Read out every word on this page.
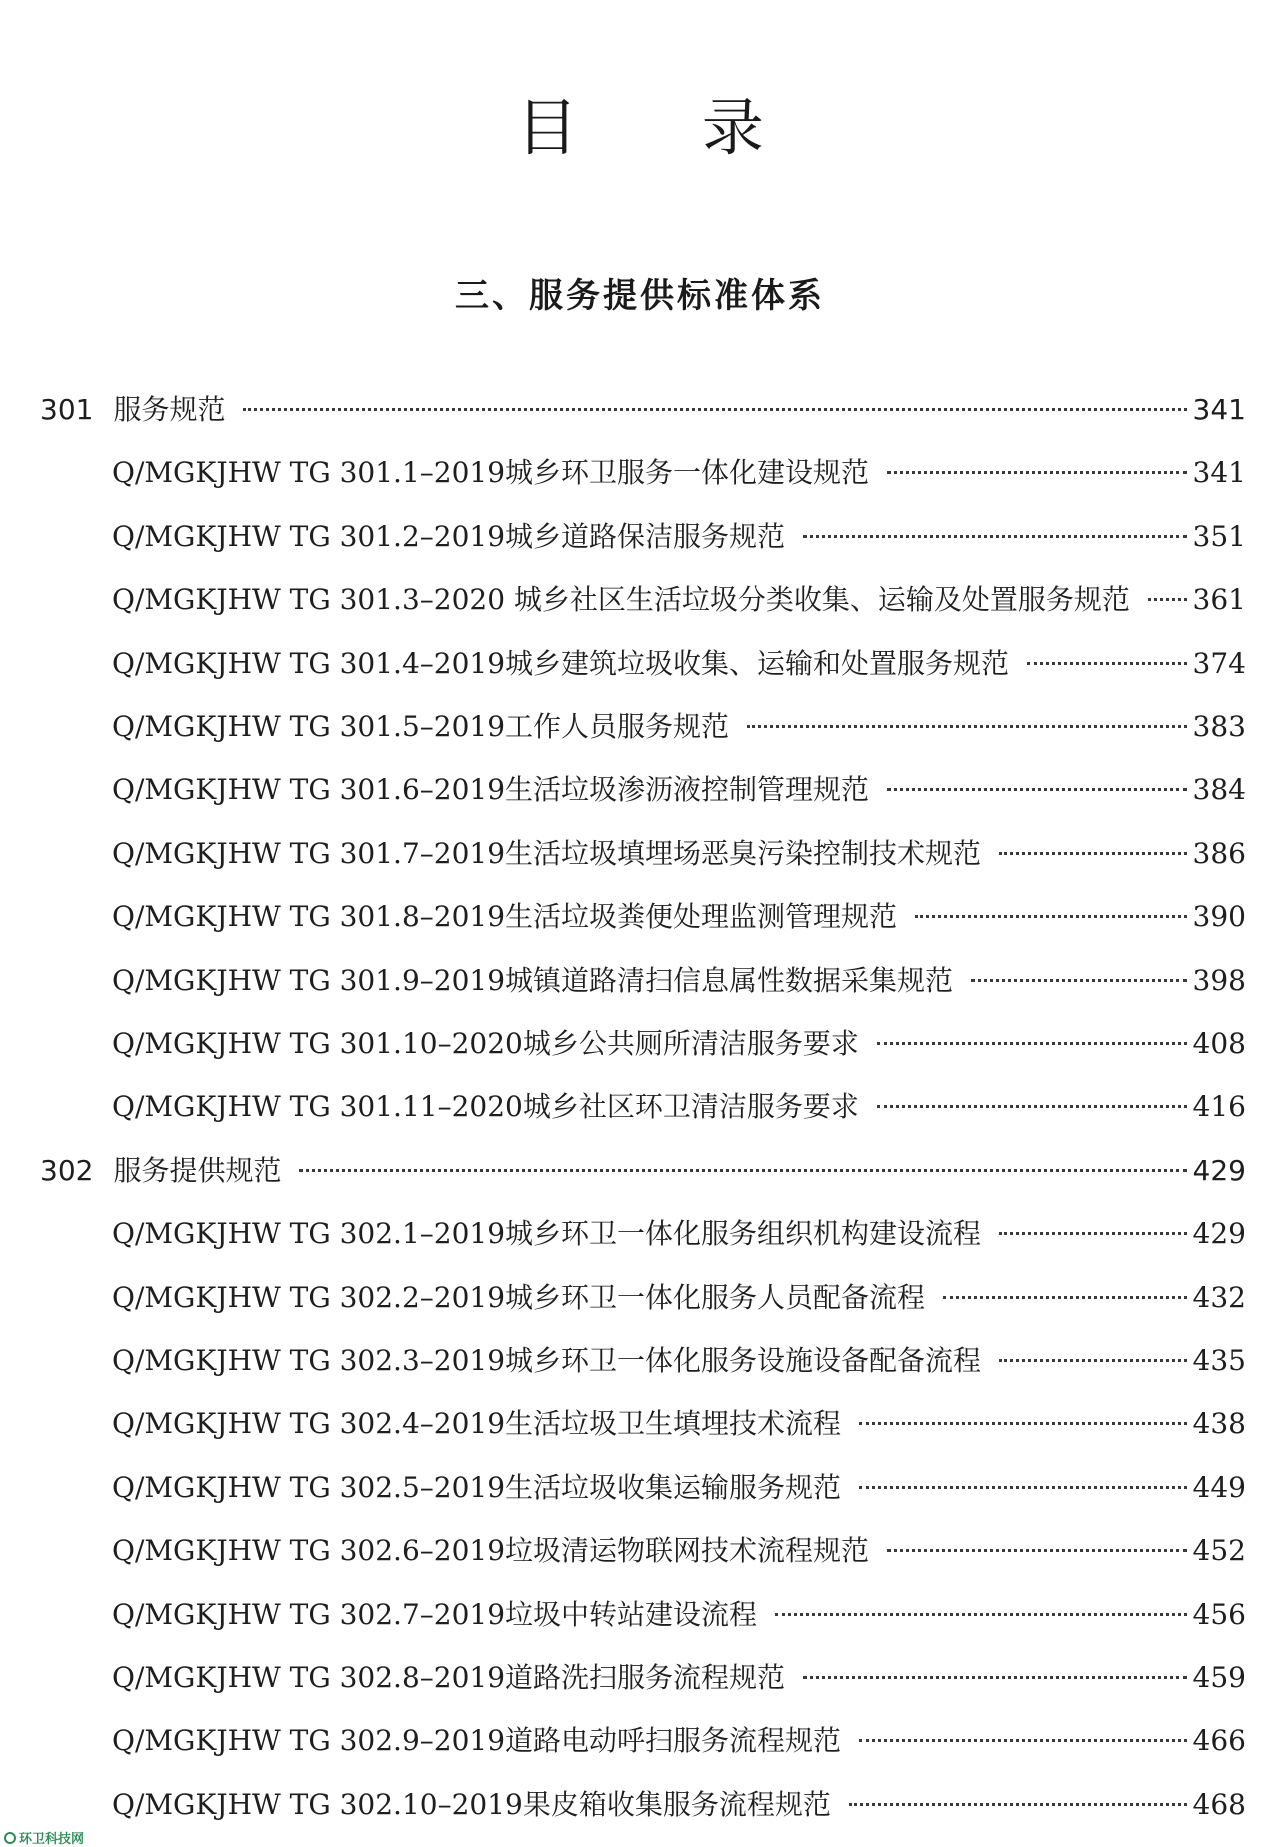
目 录
三、服务提供标准体系
301 服务规范	341
Q/MGKJHW TG 301.1–2019城乡环卫服务一体化建设规范	341
Q/MGKJHW TG 301.2–2019城乡道路保洁服务规范	351
Q/MGKJHW TG 301.3–2020 城乡社区生活垃圾分类收集、运输及处置服务规范 361
Q/MGKJHW TG 301.4–2019城乡建筑垃圾收集、运输和处置服务规范	374
Q/MGKJHW TG 301.5–2019工作人员服务规范	383
Q/MGKJHW TG 301.6–2019生活垃圾渗沥液控制管理规范	384
Q/MGKJHW TG 301.7–2019生活垃圾填埋场恶臭污染控制技术规范	386
Q/MGKJHW TG 301.8–2019生活垃圾粪便处理监测管理规范	390
Q/MGKJHW TG 301.9–2019城镇道路清扫信息属性数据采集规范	398
Q/MGKJHW TG 301.10–2020城乡公共厕所清洁服务要求	408
Q/MGKJHW TG 301.11–2020城乡社区环卫清洁服务要求	416
302 服务提供规范	429
Q/MGKJHW TG 302.1–2019城乡环卫一体化服务组织机构建设流程	429
Q/MGKJHW TG 302.2–2019城乡环卫一体化服务人员配备流程	432
Q/MGKJHW TG 302.3–2019城乡环卫一体化服务设施设备配备流程	435
Q/MGKJHW TG 302.4–2019生活垃圾卫生填埋技术流程	438
Q/MGKJHW TG 302.5–2019生活垃圾收集运输服务规范	449
Q/MGKJHW TG 302.6–2019垃圾清运物联网技术流程规范	452
Q/MGKJHW TG 302.7–2019垃圾中转站建设流程	456
Q/MGKJHW TG 302.8–2019道路洗扫服务流程规范	459
Q/MGKJHW TG 302.9–2019道路电动呼扫服务流程规范	466
Q/MGKJHW TG 302.10–2019果皮箱收集服务流程规范	468
环卫科技网
